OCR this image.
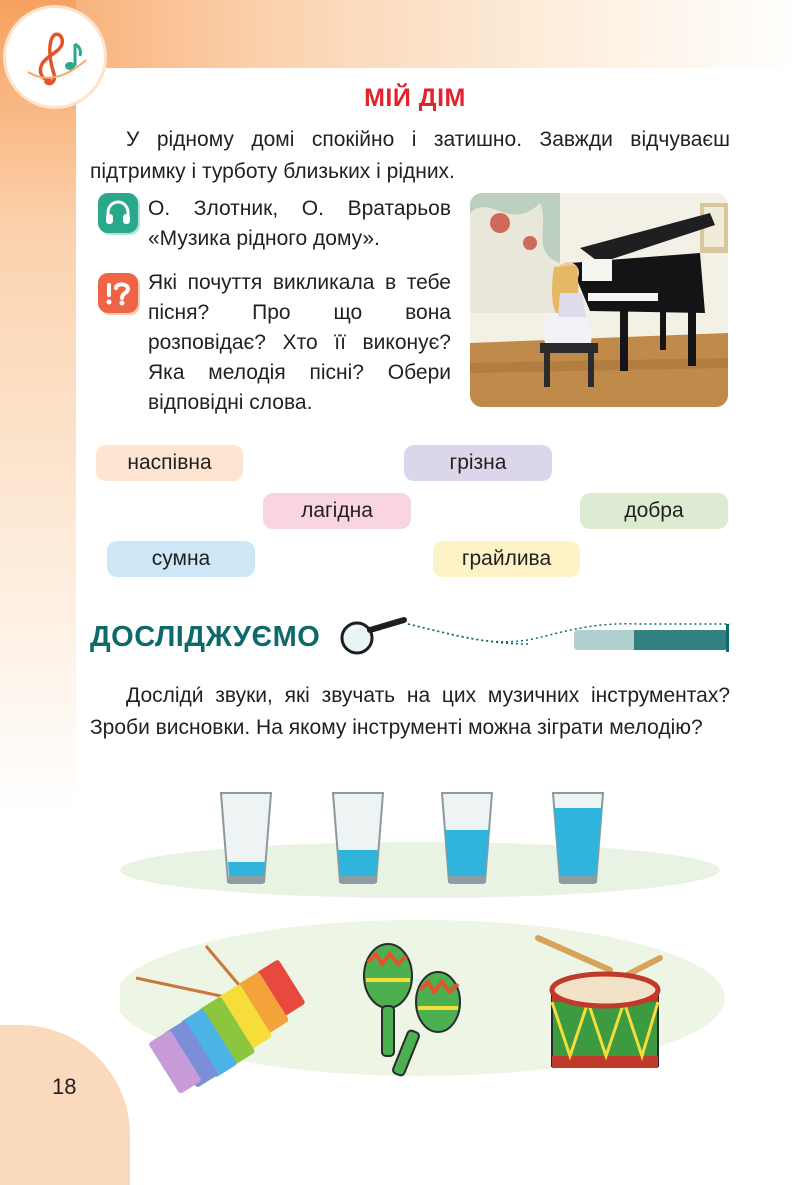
МІЙ ДІМ
У рідному домі спокійно і затишно. Завжди відчуваєш підтримку і турботу близьких і рідних.
О. Злотник, О. Вратарьов «Музика рідного дому».
Які почуття викликала в тебе пісня? Про що вона розповідає? Хто її виконує? Яка мелодія пісні? Обери відповідні слова.
наспівна	грізна
лагідна	добра
сумна	грайлива
ДОСЛІДЖУЄМО
Досліди́ звуки, які звучать на цих музичних інструментах? Зроби висновки. На якому інструменті можна зіграти мелодію?
18
